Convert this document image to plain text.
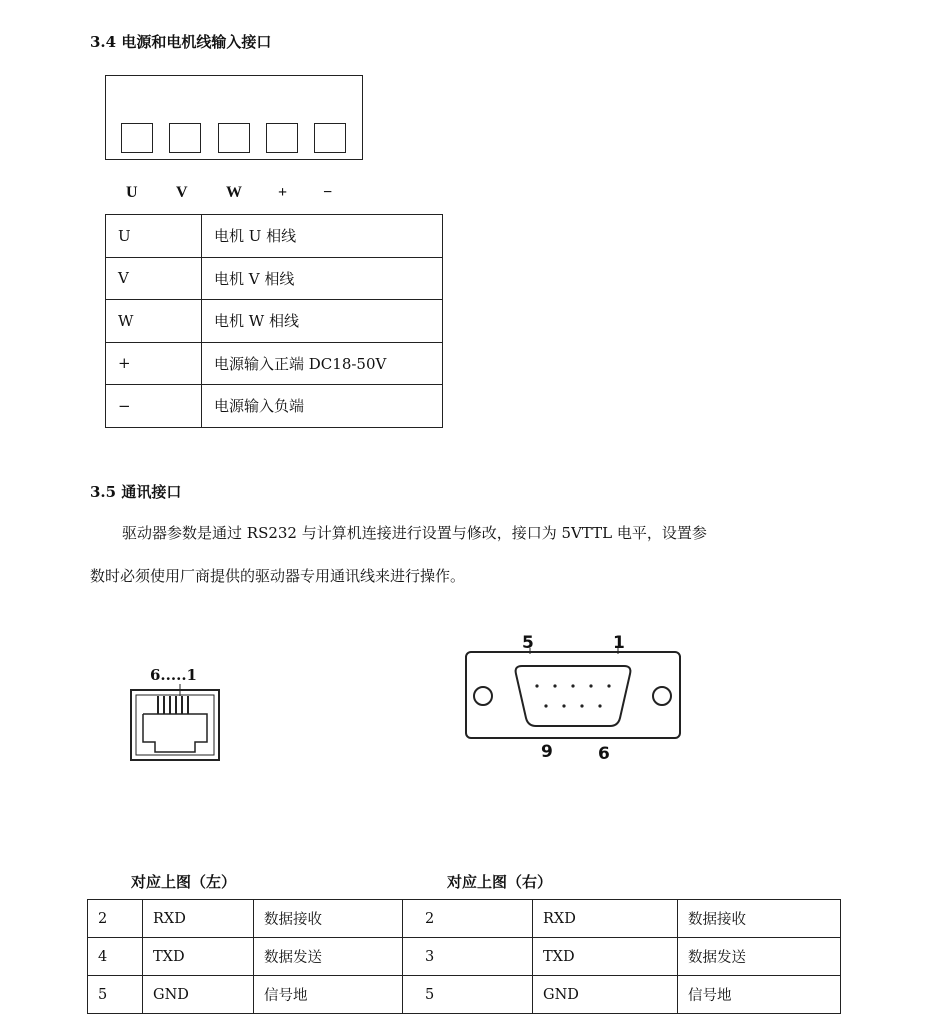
3.4 电源和电机线输入接口
U V W + −
U	电机 U 相线
V	电机 V 相线
W	电机 W 相线
+	电源输入正端 DC18-50V
−	电源输入负端
3.5 通讯接口
驱动器参数是通过 RS232 与计算机连接进行设置与修改，接口为 5VTTL 电平，设置参
数时必须使用厂商提供的驱动器专用通讯线来进行操作。
6.....1
5	1
9	6
对应上图（左）	对应上图（右）
2	RXD	数据接收	2	RXD	数据接收
4	TXD	数据发送	3	TXD	数据发送
5	GND	信号地	5	GND	信号地
